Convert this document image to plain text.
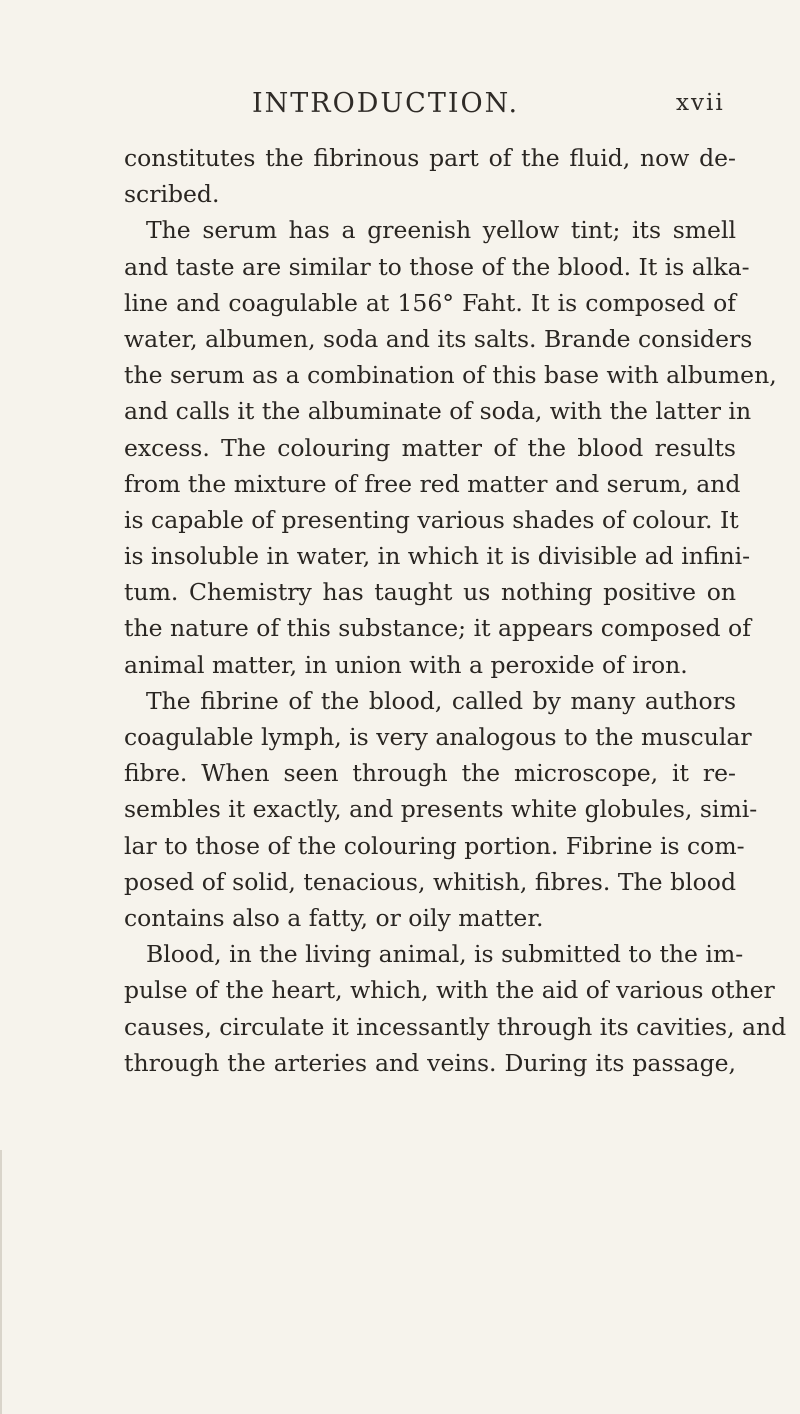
INTRODUCTION.	xvii
constitutes the fibrinous part of the fluid, now de-
scribed.
The serum has a greenish yellow tint; its smell
and taste are similar to those of the blood. It is alka-
line and coagulable at 156° Faht. It is composed of
water, albumen, soda and its salts. Brande considers
the serum as a combination of this base with albumen,
and calls it the albuminate of soda, with the latter in
excess. The colouring matter of the blood results
from the mixture of free red matter and serum, and
is capable of presenting various shades of colour. It
is insoluble in water, in which it is divisible ad infini-
tum. Chemistry has taught us nothing positive on
the nature of this substance; it appears composed of
animal matter, in union with a peroxide of iron.
The fibrine of the blood, called by many authors
coagulable lymph, is very analogous to the muscular
fibre. When seen through the microscope, it re-
sembles it exactly, and presents white globules, simi-
lar to those of the colouring portion. Fibrine is com-
posed of solid, tenacious, whitish, fibres. The blood
contains also a fatty, or oily matter.
Blood, in the living animal, is submitted to the im-
pulse of the heart, which, with the aid of various other
causes, circulate it incessantly through its cavities, and
through the arteries and veins. During its passage,
